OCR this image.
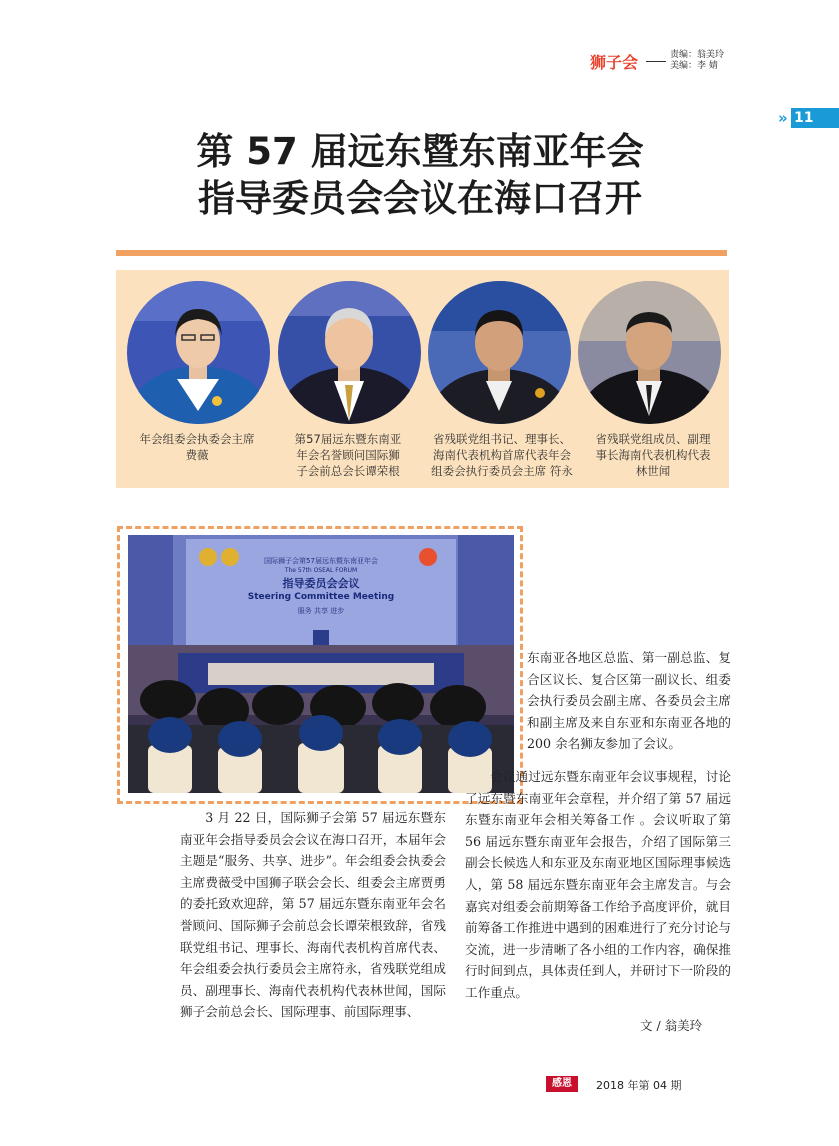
狮子会	责编：翁美玲
美编：李 婧
» 11
第 57 届远东暨东南亚年会
指导委员会会议在海口召开
年会组委会执委会主席
费薇
第57届远东暨东南亚
年会名誉顾问国际狮
子会前总会长谭荣根
省残联党组书记、理事长、
海南代表机构首席代表年会
组委会执行委员会主席 符永
省残联党组成员、副理
事长海南代表机构代表
林世闻
国际狮子会第57届远东暨东南亚年会
The 57th OSEAL FORUM
指导委员会会议
Steering Committee Meeting
服务 共享 进步
3 月 22 日，国际狮子会第 57 届远东暨东南亚年会指导委员会会议在海口召开，本届年会主题是“服务、共享、进步”。年会组委会执委会主席费薇受中国狮子联会会长、组委会主席贾勇的委托致欢迎辞，第 57 届远东暨东南亚年会名誉顾问、国际狮子会前总会长谭荣根致辞，省残联党组书记、理事长、海南代表机构首席代表、年会组委会执行委员会主席符永，省残联党组成员、副理事长、海南代表机构代表林世闻，国际狮子会前总会长、国际理事、前国际理事、
东南亚各地区总监、第一副总监、复合区议长、复合区第一副议长、组委会执行委员会副主席、各委员会主席和副主席及来自东亚和东南亚各地的 200 余名狮友参加了会议。
会议通过远东暨东南亚年会议事规程，讨论了远东暨东南亚年会章程，并介绍了第 57 届远东暨东南亚年会相关筹备工作 。会议听取了第 56 届远东暨东南亚年会报告，介绍了国际第三副会长候选人和东亚及东南亚地区国际理事候选人，第 58 届远东暨东南亚年会主席发言。与会嘉宾对组委会前期筹备工作给予高度评价，就目前筹备工作推进中遇到的困难进行了充分讨论与交流，进一步清晰了各小组的工作内容，确保推行时间到点，具体责任到人，并研讨下一阶段的工作重点。
文 / 翁美玲
感恩	2018 年第 04 期
